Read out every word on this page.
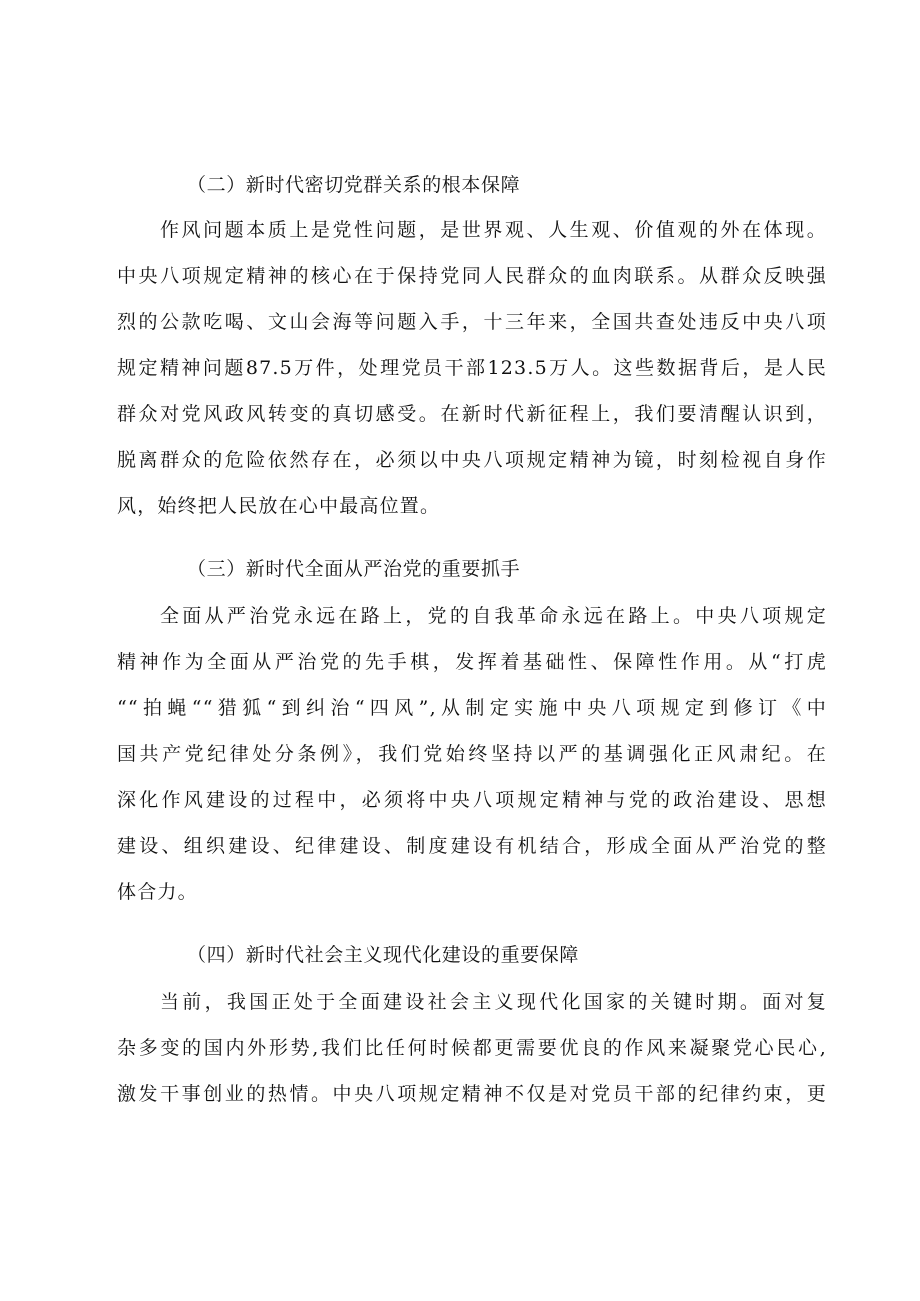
（二）新时代密切党群关系的根本保障
作风问题本质上是党性问题，是世界观、人生观、价值观的外在体现。
中央八项规定精神的核心在于保持党同人民群众的血肉联系。从群众反映强
烈的公款吃喝、文山会海等问题入手，十三年来，全国共查处违反中央八项
规定精神问题87.5万件，处理党员干部123.5万人。这些数据背后，是人民
群众对党风政风转变的真切感受。在新时代新征程上，我们要清醒认识到，
脱离群众的危险依然存在，必须以中央八项规定精神为镜，时刻检视自身作
风，始终把人民放在心中最高位置。
（三）新时代全面从严治党的重要抓手
全面从严治党永远在路上，党的自我革命永远在路上。中央八项规定
精神作为全面从严治党的先手棋，发挥着基础性、保障性作用。从“打虎
““拍蝇““猎狐“到纠治“四风”,从制定实施中央八项规定到修订《中
国共产党纪律处分条例》，我们党始终坚持以严的基调强化正风肃纪。在
深化作风建设的过程中，必须将中央八项规定精神与党的政治建设、思想
建设、组织建设、纪律建设、制度建设有机结合，形成全面从严治党的整
体合力。
（四）新时代社会主义现代化建设的重要保障
当前，我国正处于全面建设社会主义现代化国家的关键时期。面对复
杂多变的国内外形势,我们比任何时候都更需要优良的作风来凝聚党心民心,
激发干事创业的热情。中央八项规定精神不仅是对党员干部的纪律约束，更
